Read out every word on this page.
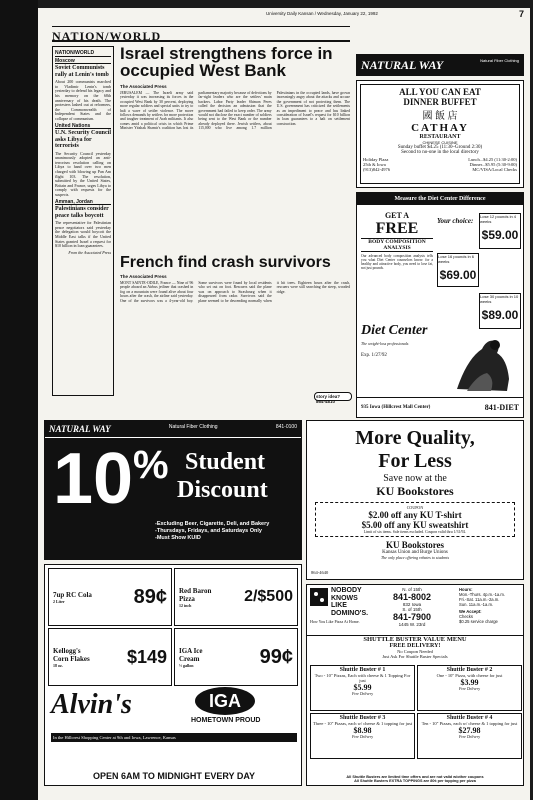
University Daily Kansan / Wednesday, January 22, 1992	7
NATION/WORLD
NATION/WORLD
Moscow
Soviet Communists rally at Lenin's tomb

About 200 communists marched to Vladimir Lenin's tomb yesterday to defend his legacy and his memory on the 68th anniversary of his death. The protesters lashed out at reformers, the Commonwealth of Independent States and the collapse of communism.

United Nations
U.N. Security Council asks Libya for terrorists

The Security Council yesterday unanimously adopted an anti-terrorism resolution calling on Libya to hand over two men charged with blowing up Pan Am flight 103. The resolution, submitted by the United States, Britain and France, urges Libya to comply with requests for the suspects.

Amman, Jordan
Palestinians consider peace talks boycott

The representative for Palestinian peace negotiators said yesterday the delegation would boycott the Middle East talks if the United States granted Israel a request for $10 billion in loan guarantees.

From the Associated Press

Israel strengthens force in occupied West Bank
The Associated Press
JERUSALEM — The Israeli army said yesterday it was increasing its forces in the occupied West Bank by 30 percent, deploying more regular soldiers and special units to try to halt a wave of settler violence. The move follows demands by settlers for more protection and tougher treatment of Arab militants. It also comes amid a political crisis in which Prime Minister Yitzhak Shamir's coalition has lost its parliamentary majority because of defections by far-right leaders who are the settlers' main backers. Labor Party leader Shimon Peres called the decision an admission that the government had failed to keep order. The army would not disclose the exact number of soldiers being sent to the West Bank or the number already deployed there. Jewish settlers, about 115,000 who live among 1.7 million Palestinians in the occupied lands, have grown increasingly angry about the attacks and accuse the government of not protecting them. The U.S. government has criticized the settlements as an impediment to peace and has linked consideration of Israel's request for $10 billion in loan guarantees to a halt on settlement construction.
French find crash survivors
The Associated Press
MONT SAINTE-ODILE, France — Nine of 96 people aboard an Airbus jetliner that crashed in fog on a mountain were found alive about four hours after the crash, the airline said yesterday. One of the survivors was a 4-year-old boy. Some survivors were found by local residents who set out on foot. Rescuers said the plane was on approach to Strasbourg when it disappeared from radar. Survivors said the plane seemed to be descending normally when it hit trees. Eighteen hours after the crash, rescuers were still searching the steep, wooded ridge.
story idea? 864-4810
NATURAL WAY	Natural Fiber Clothing
ALL YOU CAN EAT
DINNER BUFFET
國 飯 店
CATHAY
RESTAURANT
CHINESE CUISINE
Sunday buffet $4.25 (11:30–Ground 2:30)
Second to no-one in the local directory
Holiday Plaza
25th & Iowa
(913)842-4976
Lunch...$4.25 (11:30-2:00)
Dinner...$5.95 (5:30-9:00)
MC/VISA/Local Checks
Measure the Diet Center Difference
GET A
FREE
BODY COMPOSITION ANALYSIS
Our advanced body composition analysis tells you what Diet Center counselors know: for a healthy and attractive body, you need to lose fat, not just pounds.
Your choice:
Lose 12 pounds in 4 weeks
$59.00
Lose 16 pounds in 6 weeks
$69.00
Lose 30 pounds in 10 weeks
$89.00
Diet Center
The weight-loss professionals
Exp. 1/27/92
935 Iowa (Hillcrest Mall Center)	841-DIET
NATURAL WAY	Natural Fiber Clothing	841-0100
10 % Student
Discount
-Excluding Beer, Cigarette, Deli, and Bakery
-Thursdays, Fridays, and Saturdays Only
-Must Show KUID
More Quality,
For Less
Save now at the
KU Bookstores
COUPON
$2.00 off any KU T-shirt
$5.00 off any KU sweatshirt
Limit of six items. Sale items excluded. Coupon valid thru 1/31/92.
KU Bookstores
Kansas Union and Burge Unions
The only place offering rebates to students
864-4640
7up RC Cola
2 Liter	89¢ Red Baron Pizza
12 inch	2/$500
Kellogg's Corn Flakes
18 oz.	$149 IGA Ice Cream
½ gallon	99¢
Alvin's	IGA
HOMETOWN PROUD
In the Hillcrest Shopping Center at 9th and Iowa, Lawrence, Kansas
OPEN 6AM TO MIDNIGHT EVERY DAY
NOBODY
KNOWS
LIKE
DOMINO'S.
How You Like Pizza At Home.
N. of 15th
841-8002
832 Iowa
S. of 15th
841-7900
1445 W. 23rd
Hours:
Mon.-Thurs. 4p.m.-1a.m.
Fri.-Sat. 11a.m.-2a.m.
Sun. 11a.m.-1a.m.
We Accept:
Checks
$0.25 service charge
SHUTTLE BUSTER VALUE MENU
FREE DELIVERY!
No Coupon Needed
Just Ask For Shuttle Buster Specials
Shuttle Buster # 1
Two - 10" Pizzas, Each with cheese & 1 Topping For just
$5.99
Free Delivery
Shuttle Buster # 2
One - 10" Pizza, with cheese for just
$3.99
Free Delivery
Shuttle Buster # 3
Three - 10" Pizzas, each w/ cheese & 1 topping for just
$8.98
Free Delivery
Shuttle Buster # 4
Ten - 10" Pizzas, each w/ cheese & 1 topping for just
$27.98
Free Delivery
All Shuttle Busters are limited time offers and are not valid w/other coupons
All Shuttle Busters EXTRA TOPPINGS are 80¢ per topping per pizza
